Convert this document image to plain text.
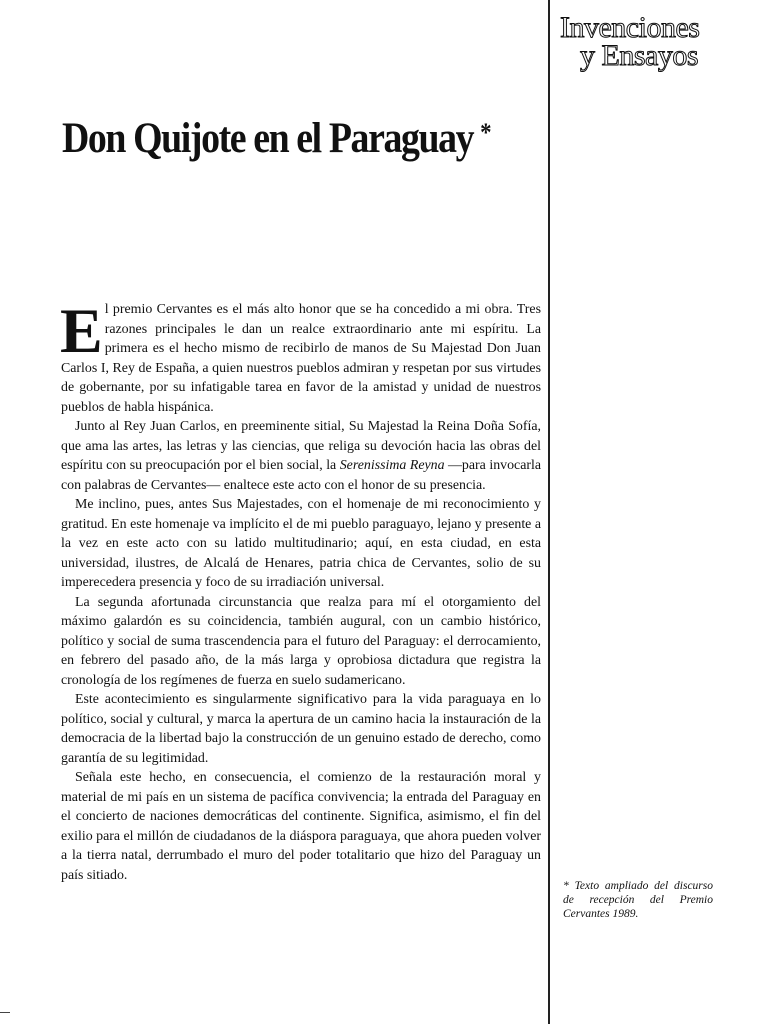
Invenciones
y Ensayos
Don Quijote en el Paraguay *

El premio Cervantes es el más alto honor que se ha concedido a mi obra. Tres razones principales le dan un realce extraordinario ante mi espíritu. La primera es el hecho mismo de recibirlo de manos de Su Majestad Don Juan Carlos I, Rey de España, a quien nuestros pueblos admiran y respetan por sus virtudes de gobernante, por su infatigable tarea en favor de la amistad y unidad de nuestros pueblos de habla hispánica.

Junto al Rey Juan Carlos, en preeminente sitial, Su Majestad la Reina Doña Sofía, que ama las artes, las letras y las ciencias, que religa su devoción hacia las obras del espíritu con su preocupación por el bien social, la Serenissima Reyna —para invocarla con palabras de Cervantes— enaltece este acto con el honor de su presencia.

Me inclino, pues, antes Sus Majestades, con el homenaje de mi reconocimiento y gratitud. En este homenaje va implícito el de mi pueblo paraguayo, lejano y presente a la vez en este acto con su latido multitudinario; aquí, en esta ciudad, en esta universidad, ilustres, de Alcalá de Henares, patria chica de Cervantes, solio de su imperecedera presencia y foco de su irradiación universal.

La segunda afortunada circunstancia que realza para mí el otorgamiento del máximo galardón es su coincidencia, también augural, con un cambio histórico, político y social de suma trascendencia para el futuro del Paraguay: el derrocamiento, en febrero del pasado año, de la más larga y oprobiosa dictadura que registra la cronología de los regímenes de fuerza en suelo sudamericano.

Este acontecimiento es singularmente significativo para la vida paraguaya en lo político, social y cultural, y marca la apertura de un camino hacia la instauración de la democracia de la libertad bajo la construcción de un genuino estado de derecho, como garantía de su legitimidad.

Señala este hecho, en consecuencia, el comienzo de la restauración moral y material de mi país en un sistema de pacífica convivencia; la entrada del Paraguay en el concierto de naciones democráticas del continente. Significa, asimismo, el fin del exilio para el millón de ciudadanos de la diáspora paraguaya, que ahora pueden volver a la tierra natal, derrumbado el muro del poder totalitario que hizo del Paraguay un país sitiado.

* Texto ampliado del discurso de recepción del Premio Cervantes 1989.
